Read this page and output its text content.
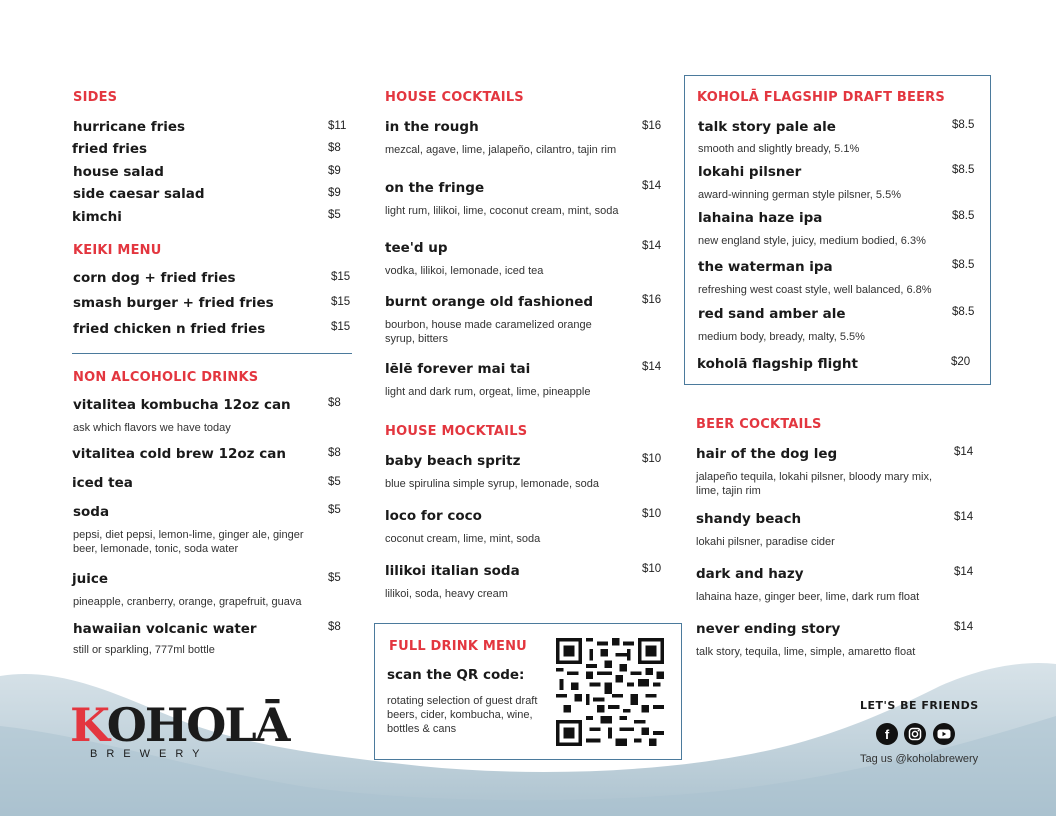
SIDES
hurricane fries	$11
fried fries	$8
house salad	$9
side caesar salad	$9
kimchi	$5
KEIKI MENU
corn dog + fried fries	$15
smash burger + fried fries	$15
fried chicken n fried fries	$15
NON ALCOHOLIC DRINKS
vitalitea kombucha 12oz can	$8
ask which flavors we have today
vitalitea cold brew 12oz can	$8
iced tea	$5
soda	$5
pepsi, diet pepsi, lemon-lime, ginger ale, ginger beer, lemonade, tonic, soda water
juice	$5
pineapple, cranberry, orange, grapefruit, guava
hawaiian volcanic water	$8
still or sparkling, 777ml bottle
KOHOLĀ
BREWERY
HOUSE COCKTAILS
in the rough	$16
mezcal, agave, lime, jalapeño, cilantro, tajin rim
on the fringe	$14
light rum, lilikoi, lime, coconut cream, mint, soda
tee'd up	$14
vodka, lilikoi, lemonade, iced tea
burnt orange old fashioned	$16
bourbon, house made caramelized orange syrup, bitters
lēlē forever mai tai	$14
light and dark rum, orgeat, lime, pineapple
HOUSE MOCKTAILS
baby beach spritz	$10
blue spirulina simple syrup, lemonade, soda
loco for coco	$10
coconut cream, lime, mint, soda
lilikoi italian soda	$10
lilikoi, soda, heavy cream
FULL DRINK MENU
scan the QR code:
rotating selection of guest draft beers, cider, kombucha, wine, bottles & cans
KOHOLĀ FLAGSHIP DRAFT BEERS
talk story pale ale	$8.5
smooth and slightly bready, 5.1%
lokahi pilsner	$8.5
award-winning german style pilsner, 5.5%
lahaina haze ipa	$8.5
new england style, juicy, medium bodied, 6.3%
the waterman ipa	$8.5
refreshing west coast style, well balanced, 6.8%
red sand amber ale	$8.5
medium body, bready, malty, 5.5%
koholā flagship flight	$20
BEER COCKTAILS
hair of the dog leg	$14
jalapeño tequila, lokahi pilsner, bloody mary mix, lime, tajin rim
shandy beach	$14
lokahi pilsner, paradise cider
dark and hazy	$14
lahaina haze, ginger beer, lime, dark rum float
never ending story	$14
talk story, tequila, lime, simple, amaretto float
LET'S BE FRIENDS
f
Tag us @koholabrewery
